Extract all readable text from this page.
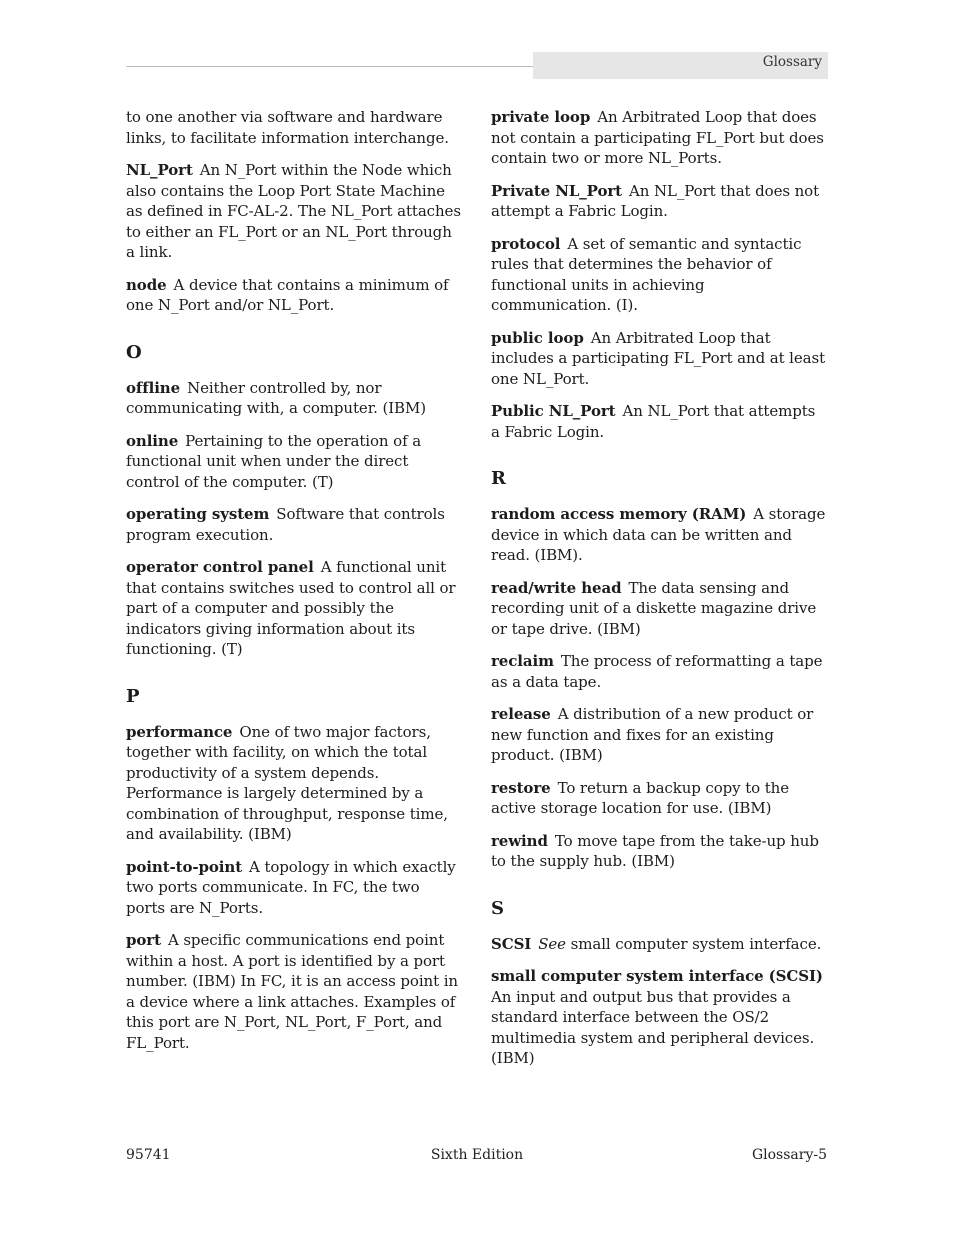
Glossary

to one another via software and hardware links, to facilitate information interchange.

NL_Port An N_Port within the Node which also contains the Loop Port State Machine as defined in FC-AL-2. The NL_Port attaches to either an FL_Port or an NL_Port through a link.

node A device that contains a minimum of one N_Port and/or NL_Port.

O

offline Neither controlled by, nor communicating with, a computer. (IBM)

online Pertaining to the operation of a functional unit when under the direct control of the computer. (T)

operating system Software that controls program execution.

operator control panel A functional unit that contains switches used to control all or part of a computer and possibly the indicators giving information about its functioning. (T)

P

performance One of two major factors, together with facility, on which the total productivity of a system depends. Performance is largely determined by a combination of throughput, response time, and availability. (IBM)

point-to-point A topology in which exactly two ports communicate. In FC, the two ports are N_Ports.

port A specific communications end point within a host. A port is identified by a port number. (IBM) In FC, it is an access point in a device where a link attaches. Examples of this port are N_Port, NL_Port, F_Port, and FL_Port.

private loop An Arbitrated Loop that does not contain a participating FL_Port but does contain two or more NL_Ports.

Private NL_Port An NL_Port that does not attempt a Fabric Login.

protocol A set of semantic and syntactic rules that determines the behavior of functional units in achieving communication. (I).

public loop An Arbitrated Loop that includes a participating FL_Port and at least one NL_Port.

Public NL_Port An NL_Port that attempts a Fabric Login.

R

random access memory (RAM) A storage device in which data can be written and read. (IBM).

read/write head The data sensing and recording unit of a diskette magazine drive or tape drive. (IBM)

reclaim The process of reformatting a tape as a data tape.

release A distribution of a new product or new function and fixes for an existing product. (IBM)

restore To return a backup copy to the active storage location for use. (IBM)

rewind To move tape from the take-up hub to the supply hub. (IBM)

S

SCSI See small computer system interface.

small computer system interface (SCSI)
An input and output bus that provides a standard interface between the OS/2 multimedia system and peripheral devices. (IBM)

95741	Sixth Edition	Glossary-5
